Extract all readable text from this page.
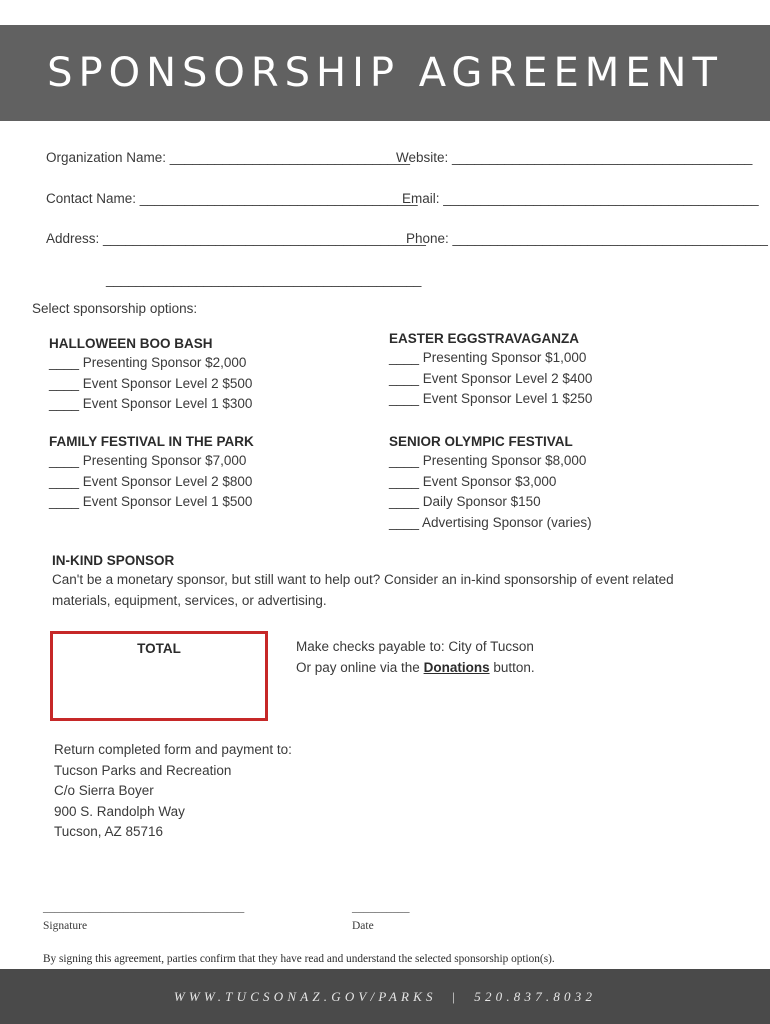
SPONSORSHIP AGREEMENT
Organization Name: ________________________________
Website: ________________________________________
Contact Name: _____________________________________
Email: __________________________________________
Address: ___________________________________________
Phone: __________________________________________
__________________________________________
Select sponsorship options:
HALLOWEEN BOO BASH
____ Presenting Sponsor $2,000
____ Event Sponsor Level 2 $500
____ Event Sponsor Level 1 $300
EASTER EGGSTRAVAGANZA
____ Presenting Sponsor $1,000
____ Event Sponsor Level 2 $400
____ Event Sponsor Level 1 $250
FAMILY FESTIVAL IN THE PARK
____ Presenting Sponsor $7,000
____ Event Sponsor Level 2 $800
____ Event Sponsor Level 1 $500
SENIOR OLYMPIC FESTIVAL
____ Presenting Sponsor $8,000
____ Event Sponsor $3,000
____ Daily Sponsor $150
____ Advertising Sponsor (varies)
IN-KIND SPONSOR
Can't be a monetary sponsor, but still want to help out? Consider an in-kind sponsorship of event related materials, equipment, services, or advertising.
TOTAL	Make checks payable to: City of Tucson
Or pay online via the Donations button.
Return completed form and payment to:
Tucson Parks and Recreation
C/o Sierra Boyer
900 S. Randolph Way
Tucson, AZ 85716
___________________________________
Signature
__________
Date
By signing this agreement, parties confirm that they have read and understand the selected sponsorship option(s).
WWW.TUCSONAZ.GOV/PARKS  |  520.837.8032
